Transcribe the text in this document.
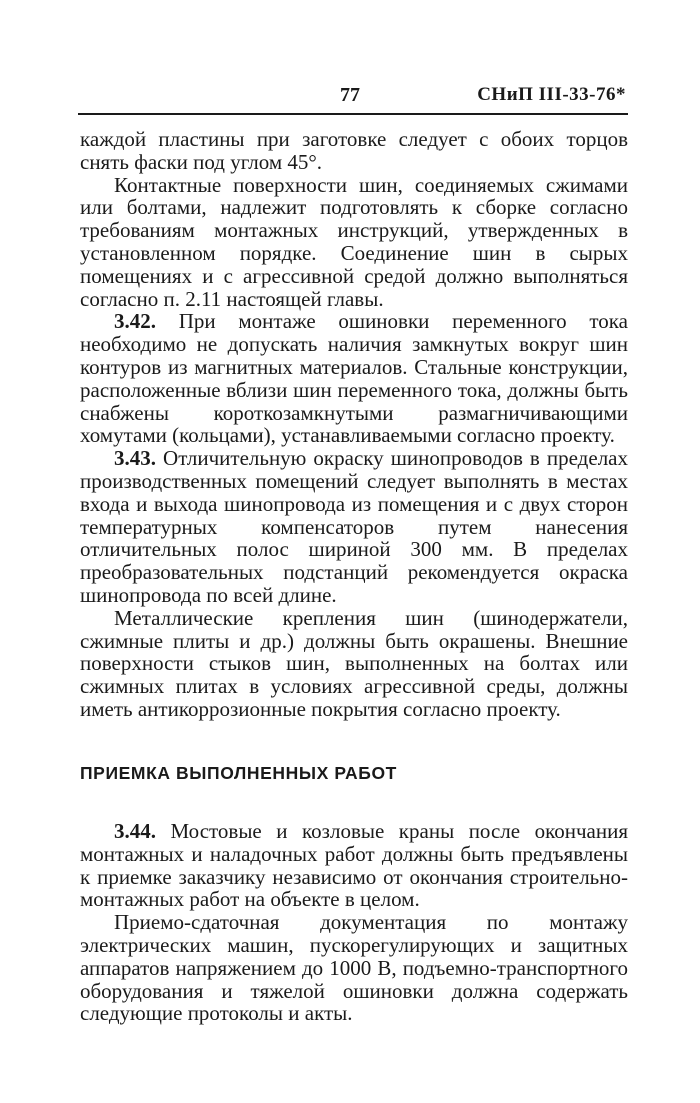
77	СНиП III-33-76*

каждой пластины при заготовке следует с обоих торцов снять фаски под углом 45°.

Контактные поверхности шин, соединяемых сжимами или болтами, надлежит подготовлять к сборке согласно требованиям монтажных инструкций, утвержденных в установленном порядке. Соединение шин в сырых помещениях и с агрессивной средой должно выполняться согласно п. 2.11 настоящей главы.

3.42. При монтаже ошиновки переменного тока необходимо не допускать наличия замкнутых вокруг шин контуров из магнитных материалов. Стальные конструкции, расположенные вблизи шин переменного тока, должны быть снабжены короткозамкнутыми размагничивающими хомутами (кольцами), устанавливаемыми согласно проекту.

3.43. Отличительную окраску шинопроводов в пределах производственных помещений следует выполнять в местах входа и выхода шинопровода из помещения и с двух сторон температурных компенсаторов путем нанесения отличительных полос шириной 300 мм. В пределах преобразовательных подстанций рекомендуется окраска шинопровода по всей длине.

Металлические крепления шин (шинодержатели, сжимные плиты и др.) должны быть окрашены. Внешние поверхности стыков шин, выполненных на болтах или сжимных плитах в условиях агрессивной среды, должны иметь антикоррозионные покрытия согласно проекту.

ПРИЕМКА ВЫПОЛНЕННЫХ РАБОТ

3.44. Мостовые и козловые краны после окончания монтажных и наладочных работ должны быть предъявлены к приемке заказчику независимо от окончания строительно-монтажных работ на объекте в целом.

Приемо-сдаточная документация по монтажу электрических машин, пускорегулирующих и защитных аппаратов напряжением до 1000 В, подъемно-транспортного оборудования и тяжелой ошиновки должна содержать следующие протоколы и акты.
